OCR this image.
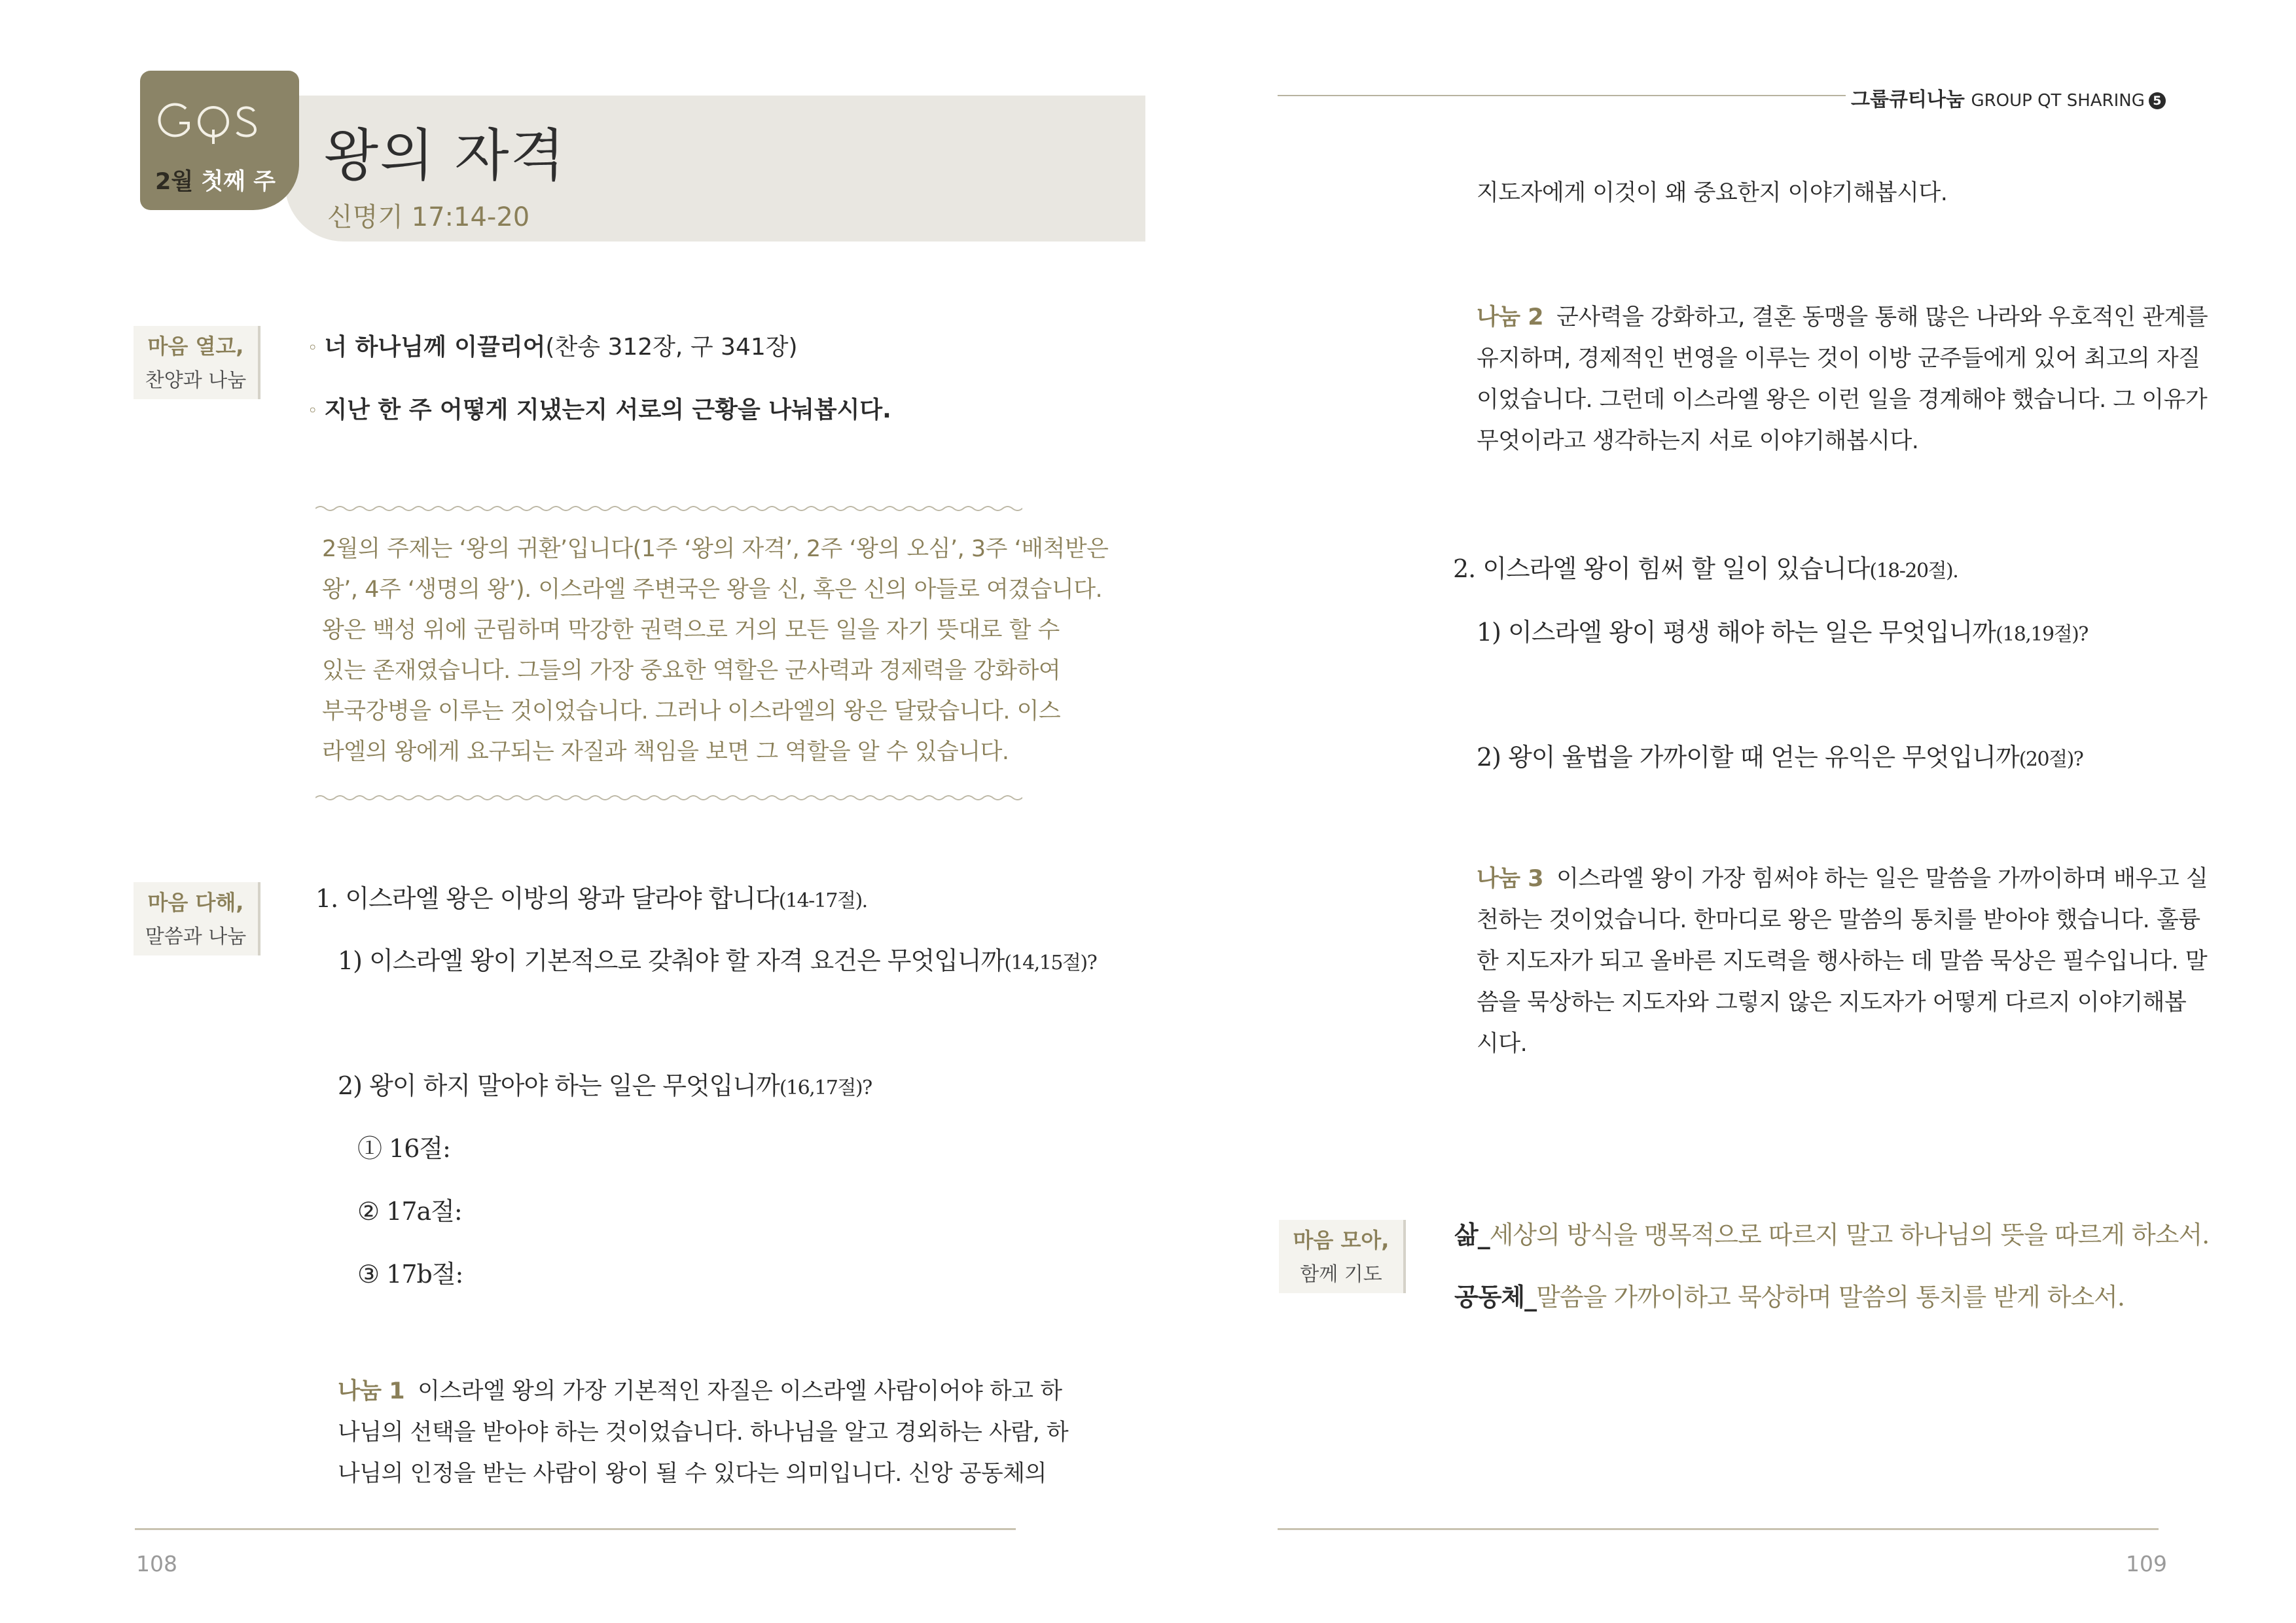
왕의 자격
신명기 17:14-20
2월 첫째 주
마음 열고,
찬양과 나눔
◦ 너 하나님께 이끌리어(찬송 312장, 구 341장)
◦ 지난 한 주 어떻게 지냈는지 서로의 근황을 나눠봅시다.
2월의 주제는 ‘왕의 귀환’입니다(1주 ‘왕의 자격’, 2주 ‘왕의 오심’, 3주 ‘배척받은
왕’, 4주 ‘생명의 왕’). 이스라엘 주변국은 왕을 신, 혹은 신의 아들로 여겼습니다.
왕은 백성 위에 군림하며 막강한 권력으로 거의 모든 일을 자기 뜻대로 할 수
있는 존재였습니다. 그들의 가장 중요한 역할은 군사력과 경제력을 강화하여
부국강병을 이루는 것이었습니다. 그러나 이스라엘의 왕은 달랐습니다. 이스
라엘의 왕에게 요구되는 자질과 책임을 보면 그 역할을 알 수 있습니다.
마음 다해,
말씀과 나눔
1. 이스라엘 왕은 이방의 왕과 달라야 합니다(14-17절).
1) 이스라엘 왕이 기본적으로 갖춰야 할 자격 요건은 무엇입니까(14,15절)?
2) 왕이 하지 말아야 하는 일은 무엇입니까(16,17절)?
① 16절:
② 17a절:
③ 17b절:
나눔 1 이스라엘 왕의 가장 기본적인 자질은 이스라엘 사람이어야 하고 하
나님의 선택을 받아야 하는 것이었습니다. 하나님을 알고 경외하는 사람, 하
나님의 인정을 받는 사람이 왕이 될 수 있다는 의미입니다. 신앙 공동체의
108
그룹큐티나눔 GROUP QT SHARING 5
지도자에게 이것이 왜 중요한지 이야기해봅시다.
나눔 2 군사력을 강화하고, 결혼 동맹을 통해 많은 나라와 우호적인 관계를
유지하며, 경제적인 번영을 이루는 것이 이방 군주들에게 있어 최고의 자질
이었습니다. 그런데 이스라엘 왕은 이런 일을 경계해야 했습니다. 그 이유가
무엇이라고 생각하는지 서로 이야기해봅시다.
2. 이스라엘 왕이 힘써 할 일이 있습니다(18-20절).
1) 이스라엘 왕이 평생 해야 하는 일은 무엇입니까(18,19절)?
2) 왕이 율법을 가까이할 때 얻는 유익은 무엇입니까(20절)?
나눔 3 이스라엘 왕이 가장 힘써야 하는 일은 말씀을 가까이하며 배우고 실
천하는 것이었습니다. 한마디로 왕은 말씀의 통치를 받아야 했습니다. 훌륭
한 지도자가 되고 올바른 지도력을 행사하는 데 말씀 묵상은 필수입니다. 말
씀을 묵상하는 지도자와 그렇지 않은 지도자가 어떻게 다르지 이야기해봅
시다.
마음 모아,
함께 기도
삶_세상의 방식을 맹목적으로 따르지 말고 하나님의 뜻을 따르게 하소서.
공동체_말씀을 가까이하고 묵상하며 말씀의 통치를 받게 하소서.
109
